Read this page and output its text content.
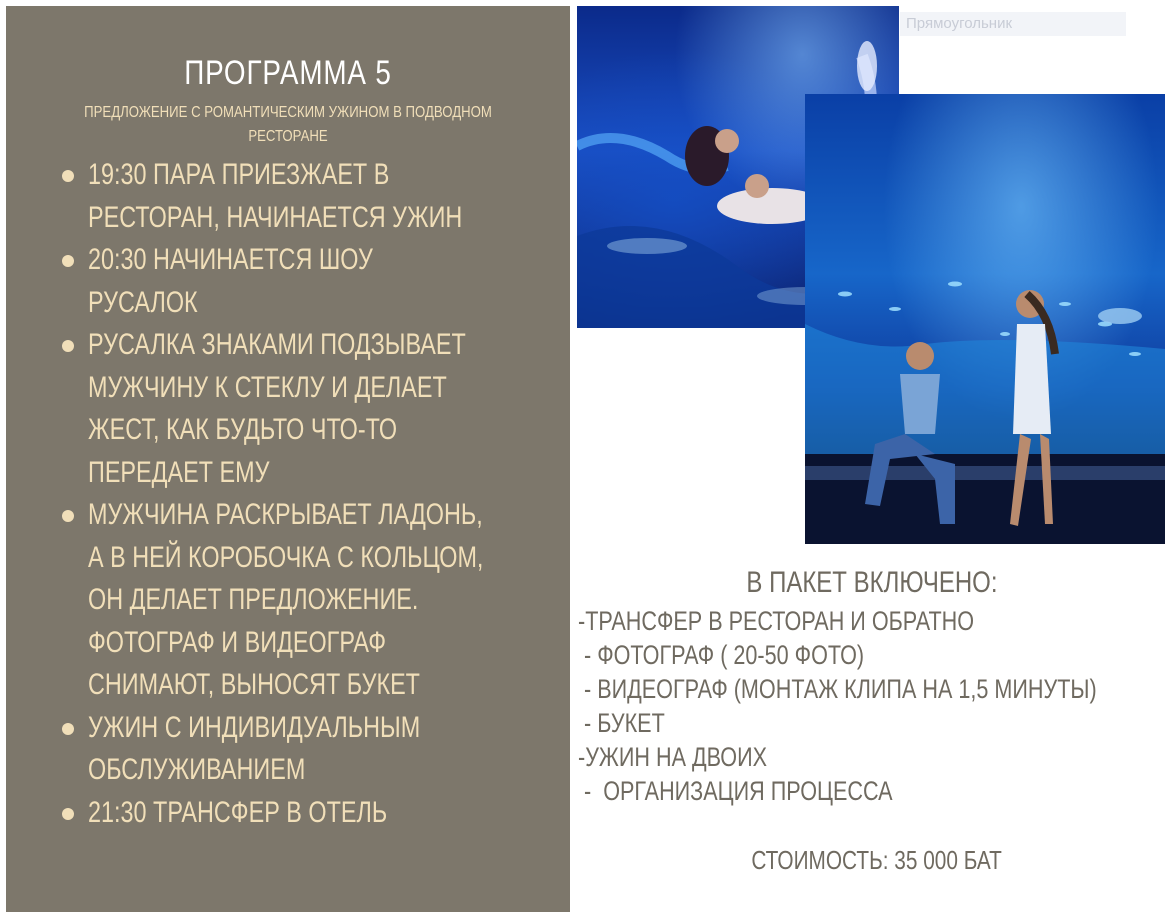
ПРОГРАММА 5
ПРЕДЛОЖЕНИЕ С РОМАНТИЧЕСКИМ УЖИНОМ В ПОДВОДНОМ РЕСТОРАНЕ
19:30 ПАРА ПРИЕЗЖАЕТ В
РЕСТОРАН, НАЧИНАЕТСЯ УЖИН
20:30 НАЧИНАЕТСЯ ШОУ
РУСАЛОК
РУСАЛКА ЗНАКАМИ ПОДЗЫВАЕТ
МУЖЧИНУ К СТЕКЛУ И ДЕЛАЕТ
ЖЕСТ, КАК БУДЬТО ЧТО-ТО
ПЕРЕДАЕТ ЕМУ
МУЖЧИНА РАСКРЫВАЕТ ЛАДОНЬ,
А В НЕЙ КОРОБОЧКА С КОЛЬЦОМ,
ОН ДЕЛАЕТ ПРЕДЛОЖЕНИЕ.
ФОТОГРАФ И ВИДЕОГРАФ
СНИМАЮТ, ВЫНОСЯТ БУКЕТ
УЖИН С ИНДИВИДУАЛЬНЫМ
ОБСЛУЖИВАНИЕМ
21:30 ТРАНСФЕР В ОТЕЛЬ
Прямоугольник
В ПАКЕТ ВКЛЮЧЕНО:
-ТРАНСФЕР В РЕСТОРАН И ОБРАТНО
- ФОТОГРАФ ( 20-50 ФОТО)
- ВИДЕОГРАФ (МОНТАЖ КЛИПА НА 1,5 МИНУТЫ)
- БУКЕТ
-УЖИН НА ДВОИХ
-  ОРГАНИЗАЦИЯ ПРОЦЕССА
СТОИМОСТЬ: 35 000 БАТ
